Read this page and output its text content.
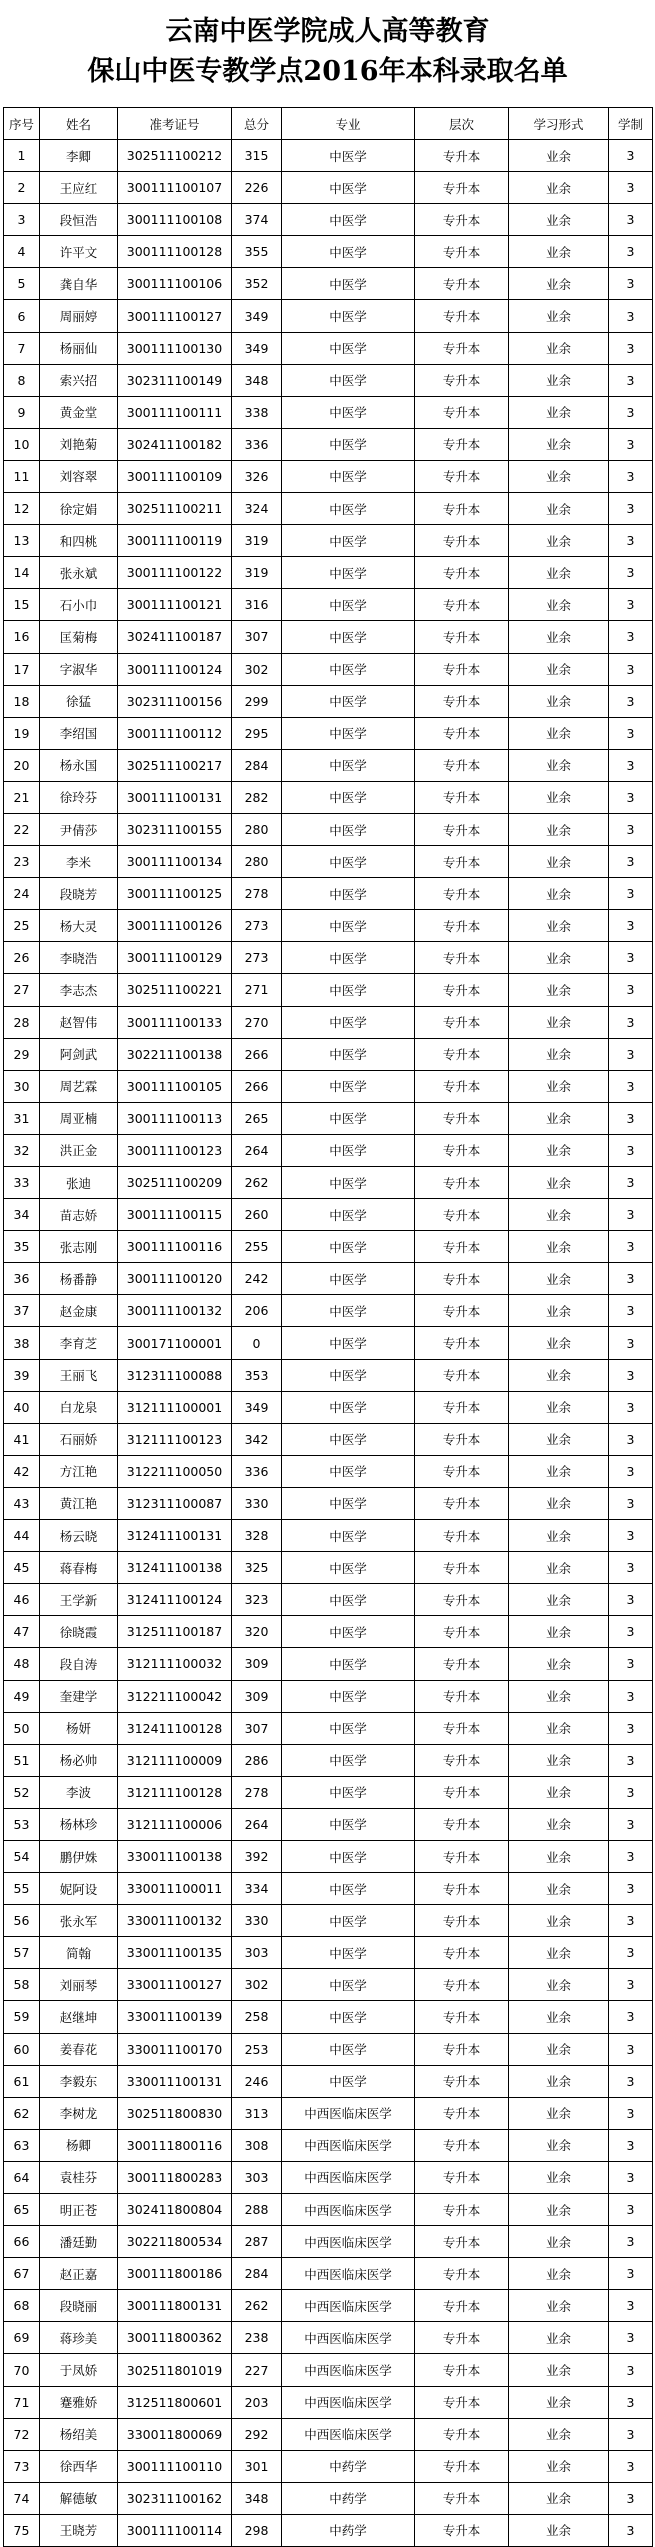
云南中医学院成人高等教育
保山中医专教学点2016年本科录取名单
序号	姓名	准考证号	总分	专业	层次	学习形式	学制
1	李卿	302511100212	315	中医学	专升本	业余	3
2	王应红	300111100107	226	中医学	专升本	业余	3
3	段恒浩	300111100108	374	中医学	专升本	业余	3
4	许平文	300111100128	355	中医学	专升本	业余	3
5	龚自华	300111100106	352	中医学	专升本	业余	3
6	周丽婷	300111100127	349	中医学	专升本	业余	3
7	杨丽仙	300111100130	349	中医学	专升本	业余	3
8	索兴招	302311100149	348	中医学	专升本	业余	3
9	黄金堂	300111100111	338	中医学	专升本	业余	3
10	刘艳菊	302411100182	336	中医学	专升本	业余	3
11	刘容翠	300111100109	326	中医学	专升本	业余	3
12	徐定娟	302511100211	324	中医学	专升本	业余	3
13	和四桃	300111100119	319	中医学	专升本	业余	3
14	张永斌	300111100122	319	中医学	专升本	业余	3
15	石小巾	300111100121	316	中医学	专升本	业余	3
16	匡菊梅	302411100187	307	中医学	专升本	业余	3
17	字淑华	300111100124	302	中医学	专升本	业余	3
18	徐猛	302311100156	299	中医学	专升本	业余	3
19	李绍国	300111100112	295	中医学	专升本	业余	3
20	杨永国	302511100217	284	中医学	专升本	业余	3
21	徐玲芬	300111100131	282	中医学	专升本	业余	3
22	尹倩莎	302311100155	280	中医学	专升本	业余	3
23	李米	300111100134	280	中医学	专升本	业余	3
24	段晓芳	300111100125	278	中医学	专升本	业余	3
25	杨大灵	300111100126	273	中医学	专升本	业余	3
26	李晓浩	300111100129	273	中医学	专升本	业余	3
27	李志杰	302511100221	271	中医学	专升本	业余	3
28	赵智伟	300111100133	270	中医学	专升本	业余	3
29	阿剑武	302211100138	266	中医学	专升本	业余	3
30	周艺霖	300111100105	266	中医学	专升本	业余	3
31	周亚楠	300111100113	265	中医学	专升本	业余	3
32	洪正金	300111100123	264	中医学	专升本	业余	3
33	张迪	302511100209	262	中医学	专升本	业余	3
34	苗志娇	300111100115	260	中医学	专升本	业余	3
35	张志刚	300111100116	255	中医学	专升本	业余	3
36	杨番静	300111100120	242	中医学	专升本	业余	3
37	赵金康	300111100132	206	中医学	专升本	业余	3
38	李育芝	300171100001	0	中医学	专升本	业余	3
39	王丽飞	312311100088	353	中医学	专升本	业余	3
40	白龙泉	312111100001	349	中医学	专升本	业余	3
41	石丽娇	312111100123	342	中医学	专升本	业余	3
42	方江艳	312211100050	336	中医学	专升本	业余	3
43	黄江艳	312311100087	330	中医学	专升本	业余	3
44	杨云晓	312411100131	328	中医学	专升本	业余	3
45	蒋春梅	312411100138	325	中医学	专升本	业余	3
46	王学新	312411100124	323	中医学	专升本	业余	3
47	徐晓霞	312511100187	320	中医学	专升本	业余	3
48	段自涛	312111100032	309	中医学	专升本	业余	3
49	奎建学	312211100042	309	中医学	专升本	业余	3
50	杨妍	312411100128	307	中医学	专升本	业余	3
51	杨必帅	312111100009	286	中医学	专升本	业余	3
52	李波	312111100128	278	中医学	专升本	业余	3
53	杨林珍	312111100006	264	中医学	专升本	业余	3
54	鹏伊姝	330011100138	392	中医学	专升本	业余	3
55	妮阿设	330011100011	334	中医学	专升本	业余	3
56	张永军	330011100132	330	中医学	专升本	业余	3
57	简翰	330011100135	303	中医学	专升本	业余	3
58	刘丽琴	330011100127	302	中医学	专升本	业余	3
59	赵继坤	330011100139	258	中医学	专升本	业余	3
60	姜春花	330011100170	253	中医学	专升本	业余	3
61	李毅东	330011100131	246	中医学	专升本	业余	3
62	李树龙	302511800830	313	中西医临床医学	专升本	业余	3
63	杨卿	300111800116	308	中西医临床医学	专升本	业余	3
64	袁桂芬	300111800283	303	中西医临床医学	专升本	业余	3
65	明正苍	302411800804	288	中西医临床医学	专升本	业余	3
66	潘廷勤	302211800534	287	中西医临床医学	专升本	业余	3
67	赵正嘉	300111800186	284	中西医临床医学	专升本	业余	3
68	段晓丽	300111800131	262	中西医临床医学	专升本	业余	3
69	蒋珍美	300111800362	238	中西医临床医学	专升本	业余	3
70	于凤娇	302511801019	227	中西医临床医学	专升本	业余	3
71	蹇雅娇	312511800601	203	中西医临床医学	专升本	业余	3
72	杨绍美	330011800069	292	中西医临床医学	专升本	业余	3
73	徐西华	300111100110	301	中药学	专升本	业余	3
74	解德敏	302311100162	348	中药学	专升本	业余	3
75	王晓芳	300111100114	298	中药学	专升本	业余	3
